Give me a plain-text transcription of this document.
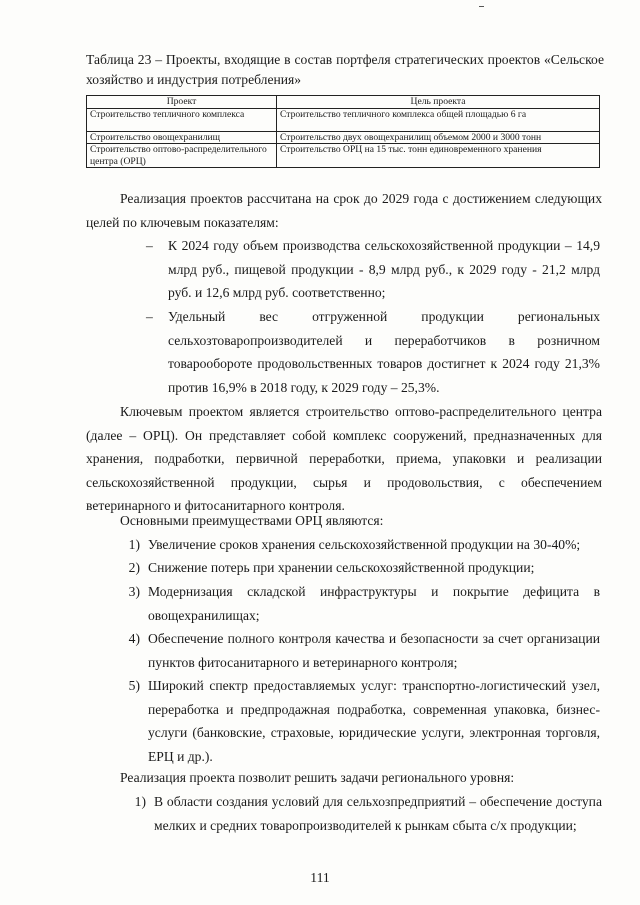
Таблица 23 – Проекты, входящие в состав портфеля стратегических проектов «Сельское хозяйство и индустрия потребления»
Проект	Цель проекта
Строительство тепличного комплекса	Строительство тепличного комплекса общей площадью 6 га
Строительство овощехранилищ	Строительство двух овощехранилищ объемом 2000 и 3000 тонн
Строительство оптово-распределительного центра (ОРЦ)	Строительство ОРЦ на 15 тыс. тонн единовременного хранения
Реализация проектов рассчитана на срок до 2029 года с достижением следующих целей по ключевым показателям:
–	К 2024 году объем производства сельскохозяйственной продукции – 14,9 млрд руб., пищевой продукции - 8,9 млрд руб., к 2029 году - 21,2 млрд руб. и 12,6 млрд руб. соответственно;
–	Удельный вес отгруженной продукции региональных сельхозтоваропроизводителей и переработчиков в розничном товарообороте продовольственных товаров достигнет к 2024 году 21,3% против 16,9% в 2018 году, к 2029 году – 25,3%.
Ключевым проектом является строительство оптово-распределительного центра (далее – ОРЦ). Он представляет собой комплекс сооружений, предназначенных для хранения, подработки, первичной переработки, приема, упаковки и реализации сельскохозяйственной продукции, сырья и продовольствия, с обеспечением ветеринарного и фитосанитарного контроля.
Основными преимуществами ОРЦ являются:
1) Увеличение сроков хранения сельскохозяйственной продукции на 30-40%;
2) Снижение потерь при хранении сельскохозяйственной продукции;
3) Модернизация складской инфраструктуры и покрытие дефицита в овощехранилищах;
4) Обеспечение полного контроля качества и безопасности за счет организации пунктов фитосанитарного и ветеринарного контроля;
5) Широкий спектр предоставляемых услуг: транспортно-логистический узел, переработка и предпродажная подработка, современная упаковка, бизнес-услуги (банковские, страховые, юридические услуги, электронная торговля, ЕРЦ и др.).
Реализация проекта позволит решить задачи регионального уровня:
1) В области создания условий для сельхозпредприятий – обеспечение доступа мелких и средних товаропроизводителей к рынкам сбыта с/х продукции;
111
